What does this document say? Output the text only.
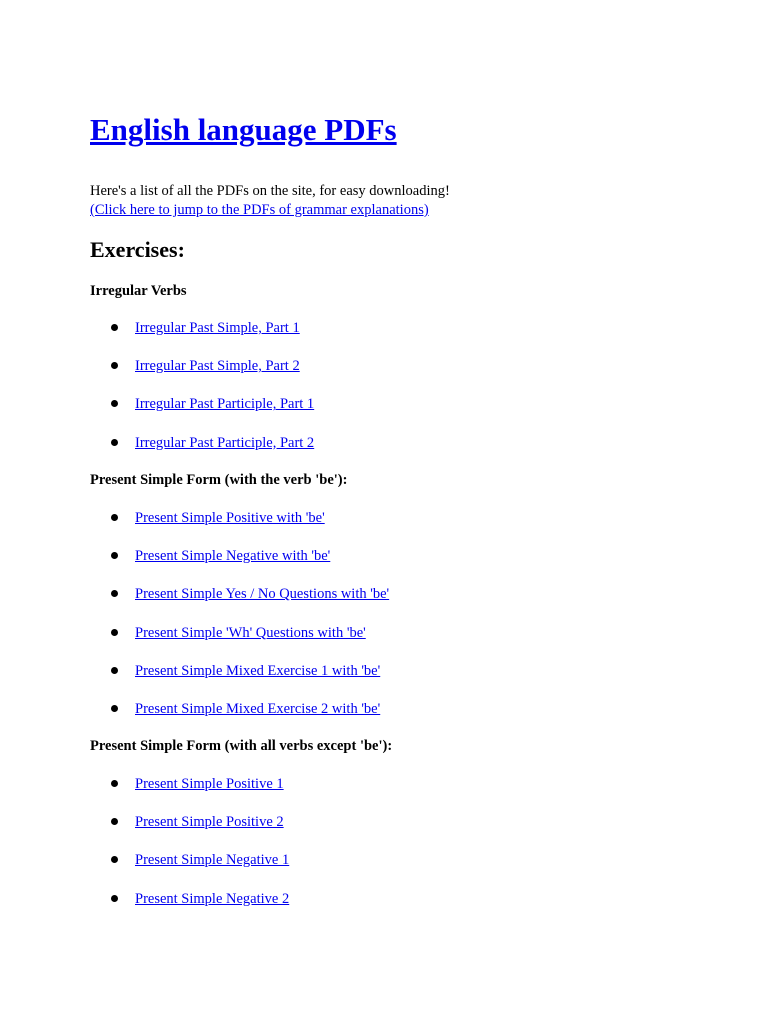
English language PDFs
Here's a list of all the PDFs on the site, for easy downloading!
(Click here to jump to the PDFs of grammar explanations)
Exercises:

Irregular Verbs

Irregular Past Simple, Part 1
Irregular Past Simple, Part 2
Irregular Past Participle, Part 1
Irregular Past Participle, Part 2

Present Simple Form (with the verb 'be'):

Present Simple Positive with 'be'
Present Simple Negative with 'be'
Present Simple Yes / No Questions with 'be'
Present Simple 'Wh' Questions with 'be'
Present Simple Mixed Exercise 1 with 'be'
Present Simple Mixed Exercise 2 with 'be'

Present Simple Form (with all verbs except 'be'):

Present Simple Positive 1
Present Simple Positive 2
Present Simple Negative 1
Present Simple Negative 2
